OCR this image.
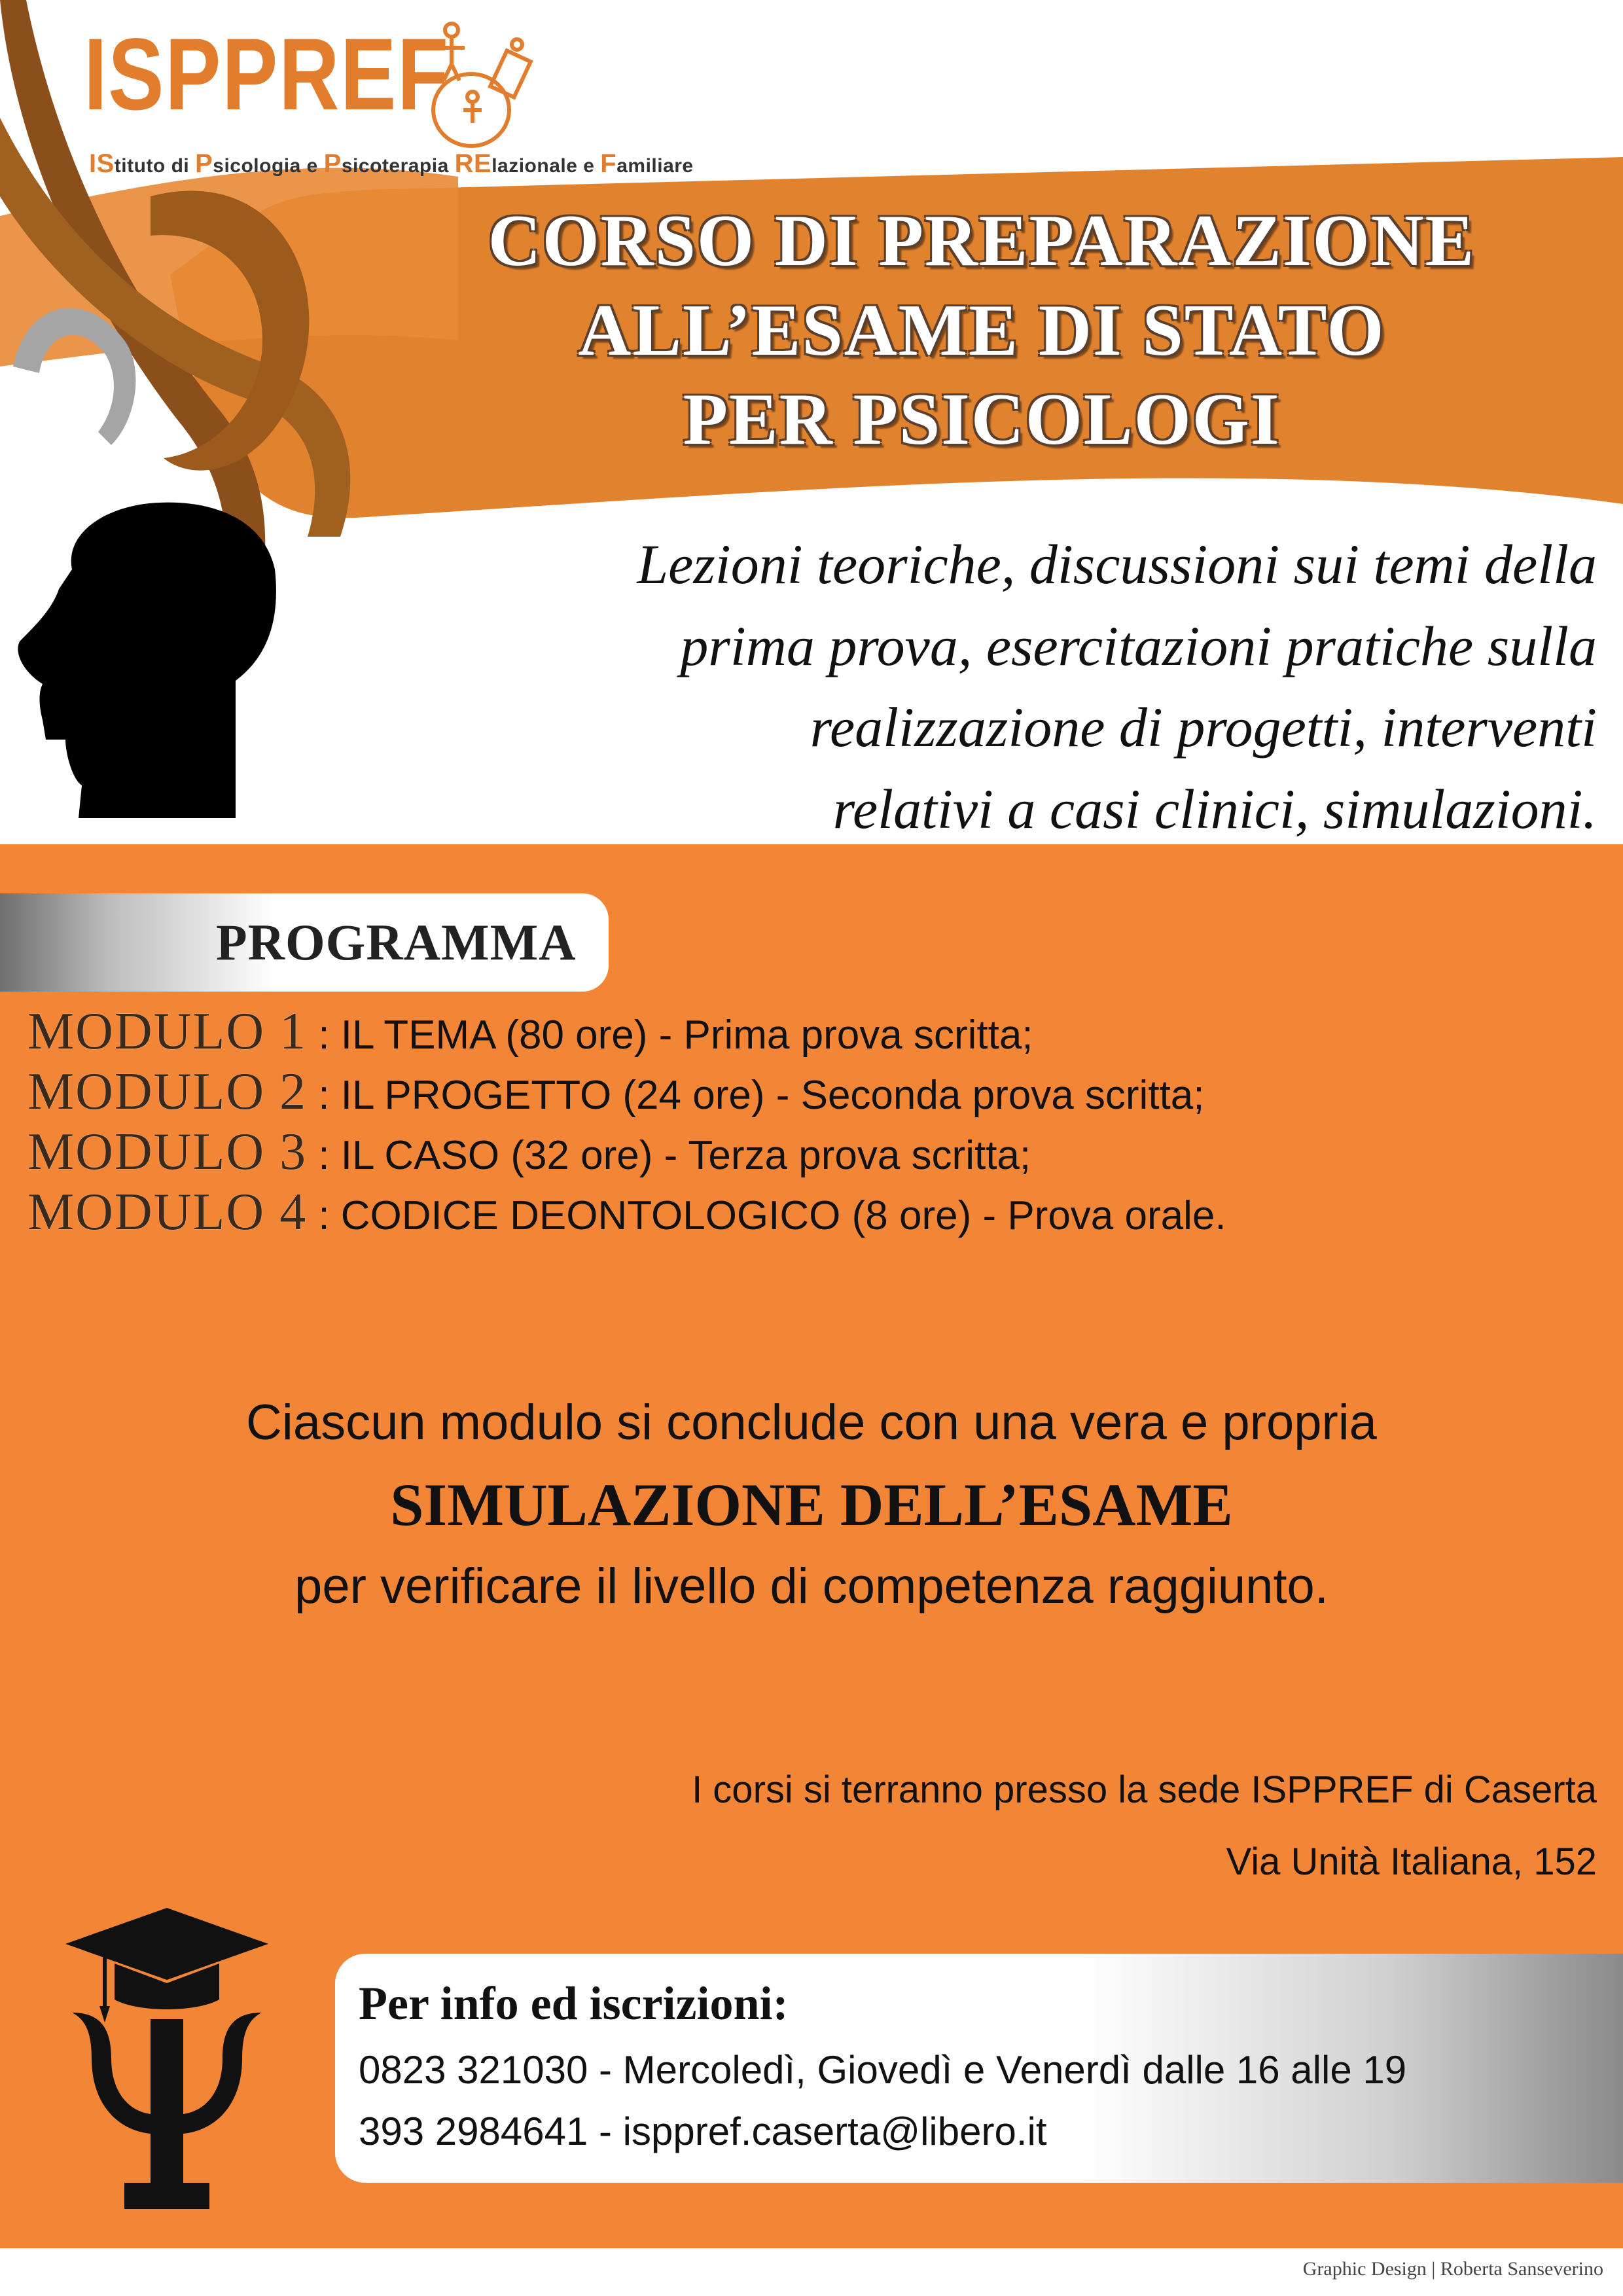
ISPPREF
IStituto di Psicologia e Psicoterapia RElazionale e Familiare
CORSO DI PREPARAZIONE
ALL’ESAME DI STATO
PER PSICOLOGI
Lezioni teoriche, discussioni sui temi della
prima prova, esercitazioni pratiche sulla
realizzazione di progetti, interventi
relativi a casi clinici, simulazioni.
PROGRAMMA
MODULO 1 : IL TEMA (80 ore) - Prima prova scritta;
MODULO 2 : IL PROGETTO (24 ore) - Seconda prova scritta;
MODULO 3 : IL CASO (32 ore) - Terza prova scritta;
MODULO 4 : CODICE DEONTOLOGICO (8 ore) - Prova orale.
Ciascun modulo si conclude con una vera e propria
SIMULAZIONE DELL’ESAME
per verificare il livello di competenza raggiunto.
I corsi si terranno presso la sede ISPPREF di Caserta
Via Unità Italiana, 152
Per info ed iscrizioni:
0823 321030 - Mercoledì, Giovedì e Venerdì dalle 16 alle 19
393 2984641 - isppref.caserta@libero.it
Graphic Design | Roberta Sanseverino
